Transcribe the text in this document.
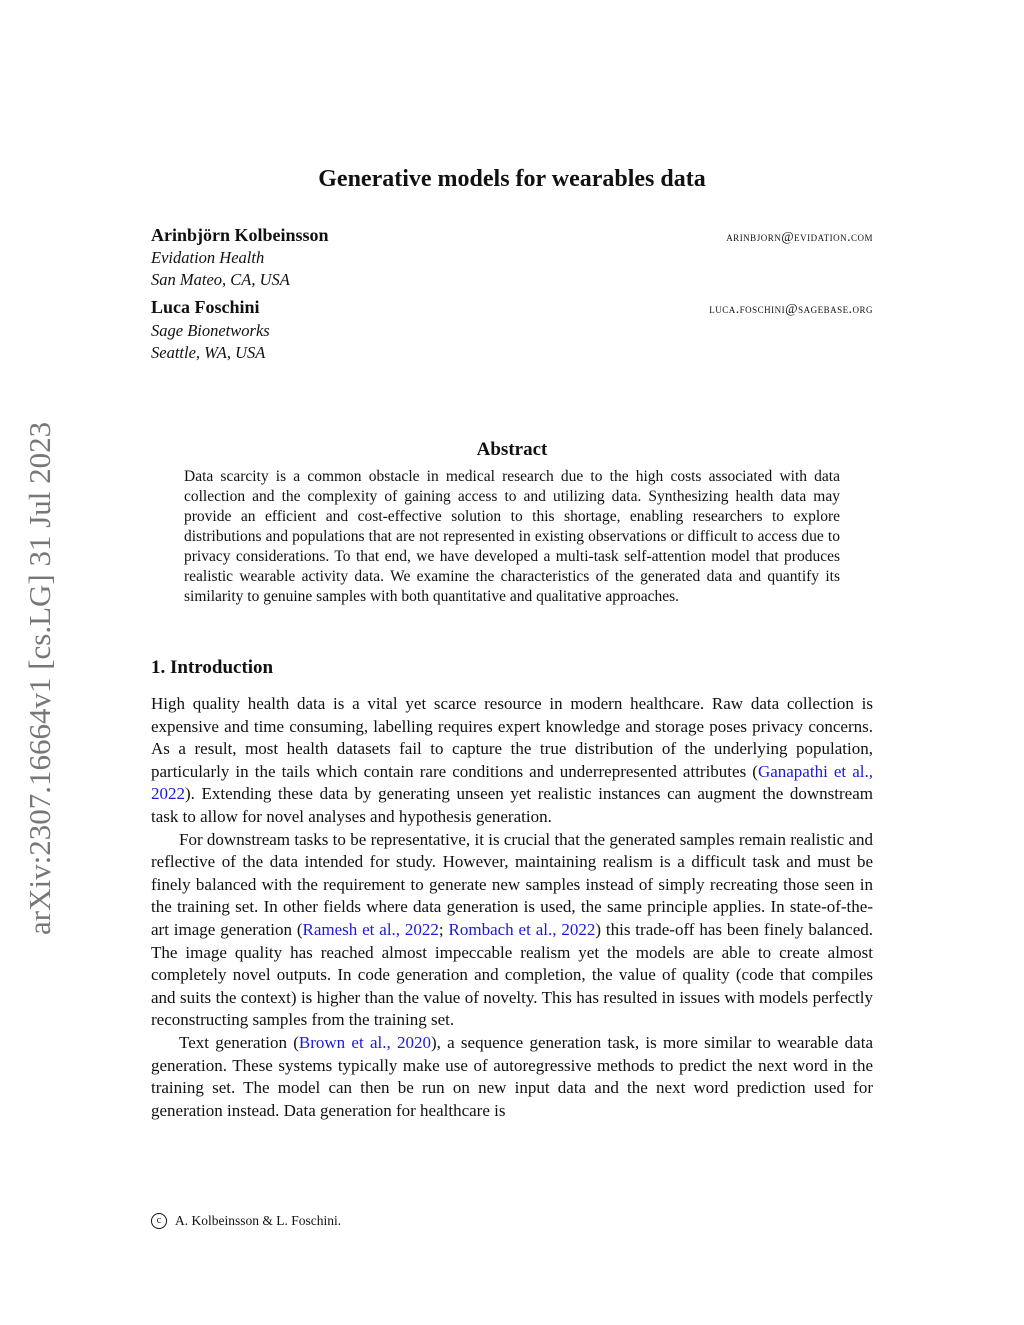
arXiv:2307.16664v1 [cs.LG] 31 Jul 2023
Generative models for wearables data
Arinbjörn Kolbeinsson	arinbjorn@evidation.com
Evidation Health
San Mateo, CA, USA
Luca Foschini	luca.foschini@sagebase.org
Sage Bionetworks
Seattle, WA, USA
Abstract
Data scarcity is a common obstacle in medical research due to the high costs associated with data collection and the complexity of gaining access to and utilizing data. Synthesizing health data may provide an efficient and cost-effective solution to this shortage, enabling researchers to explore distributions and populations that are not represented in existing observations or difficult to access due to privacy considerations. To that end, we have developed a multi-task self-attention model that produces realistic wearable activity data. We examine the characteristics of the generated data and quantify its similarity to genuine samples with both quantitative and qualitative approaches.
1. Introduction

High quality health data is a vital yet scarce resource in modern healthcare. Raw data collection is expensive and time consuming, labelling requires expert knowledge and storage poses privacy concerns. As a result, most health datasets fail to capture the true distribution of the underlying population, particularly in the tails which contain rare conditions and underrepresented attributes (Ganapathi et al., 2022). Extending these data by generating unseen yet realistic instances can augment the downstream task to allow for novel analyses and hypothesis generation.

For downstream tasks to be representative, it is crucial that the generated samples remain realistic and reflective of the data intended for study. However, maintaining realism is a difficult task and must be finely balanced with the requirement to generate new samples instead of simply recreating those seen in the training set. In other fields where data generation is used, the same principle applies. In state-of-the-art image generation (Ramesh et al., 2022; Rombach et al., 2022) this trade-off has been finely balanced. The image quality has reached almost impeccable realism yet the models are able to create almost completely novel outputs. In code generation and completion, the value of quality (code that compiles and suits the context) is higher than the value of novelty. This has resulted in issues with models perfectly reconstructing samples from the training set.

Text generation (Brown et al., 2020), a sequence generation task, is more similar to wearable data generation. These systems typically make use of autoregressive methods to predict the next word in the training set. The model can then be run on new input data and the next word prediction used for generation instead. Data generation for healthcare is

c	A. Kolbeinsson & L. Foschini.
